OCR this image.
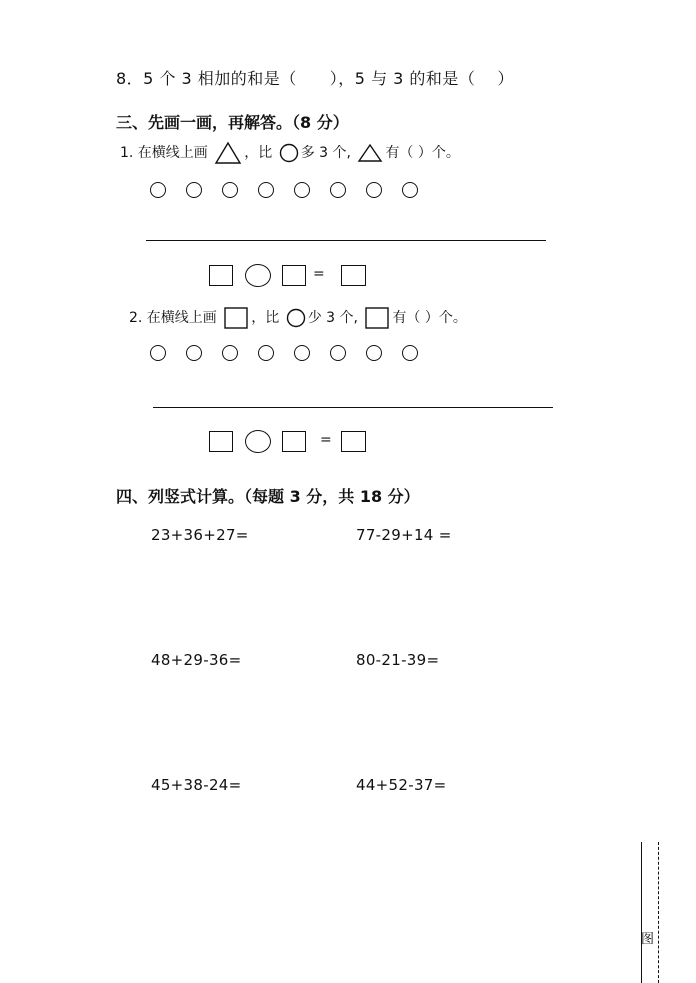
8．5 个 3 相加的和是（　　），5 与 3 的和是（　 ）
三、先画一画，再解答。（8 分）
1. 在横线上画	，比 多 3 个, 有（ ）个。
=
2. 在横线上画 ，比 少 3 个, 有（ ）个。
=
四、列竖式计算。（每题 3 分，共 18 分）
23+36+27=	77-29+14 =
48+29-36=	80-21-39=
45+38-24=	44+52-37=
图
